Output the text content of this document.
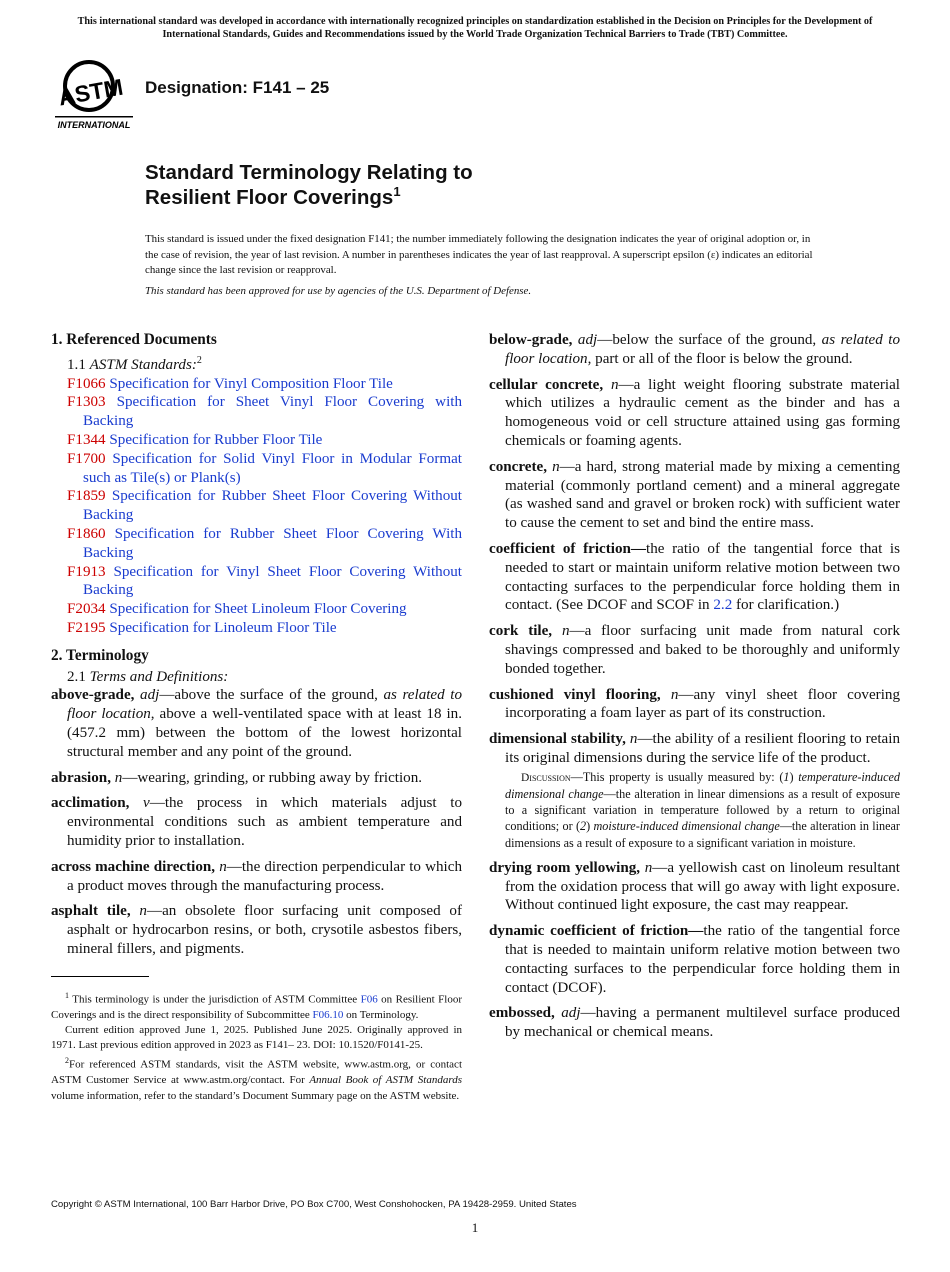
This international standard was developed in accordance with internationally recognized principles on standardization established in the Decision on Principles for the Development of International Standards, Guides and Recommendations issued by the World Trade Organization Technical Barriers to Trade (TBT) Committee.
ASTM
INTERNATIONAL
Designation: F141 – 25
Standard Terminology Relating to
Resilient Floor Coverings$^1$
This standard is issued under the fixed designation F141; the number immediately following the designation indicates the year of original adoption or, in the case of revision, the year of last revision. A number in parentheses indicates the year of last reapproval. A superscript epsilon (ε) indicates an editorial change since the last revision or reapproval.
This standard has been approved for use by agencies of the U.S. Department of Defense.
1. Referenced Documents
1.1 ASTM Standards:$^2$
F1066 Specification for Vinyl Composition Floor Tile
F1303 Specification for Sheet Vinyl Floor Covering with Backing
F1344 Specification for Rubber Floor Tile
F1700 Specification for Solid Vinyl Floor in Modular Format such as Tile(s) or Plank(s)
F1859 Specification for Rubber Sheet Floor Covering Without Backing
F1860 Specification for Rubber Sheet Floor Covering With Backing
F1913 Specification for Vinyl Sheet Floor Covering Without Backing
F2034 Specification for Sheet Linoleum Floor Covering
F2195 Specification for Linoleum Floor Tile
2. Terminology
2.1 Terms and Definitions:
above-grade, adj—above the surface of the ground, as related to floor location, above a well-ventilated space with at least 18 in. (457.2 mm) between the bottom of the lowest horizontal structural member and any point of the ground.
abrasion, n—wearing, grinding, or rubbing away by friction.
acclimation, v—the process in which materials adjust to environmental conditions such as ambient temperature and humidity prior to installation.
across machine direction, n—the direction perpendicular to which a product moves through the manufacturing process.
asphalt tile, n—an obsolete floor surfacing unit composed of asphalt or hydrocarbon resins, or both, crysotile asbestos fibers, mineral fillers, and pigments.

$^1$ This terminology is under the jurisdiction of ASTM Committee F06 on Resilient Floor Coverings and is the direct responsibility of Subcommittee F06.10 on Terminology.

Current edition approved June 1, 2025. Published June 2025. Originally approved in 1971. Last previous edition approved in 2023 as F141– 23. DOI: 10.1520/F0141-25.

$^2$For referenced ASTM standards, visit the ASTM website, www.astm.org, or contact ASTM Customer Service at www.astm.org/contact. For Annual Book of ASTM Standards volume information, refer to the standard’s Document Summary page on the ASTM website.

below-grade, adj—below the surface of the ground, as related to floor location, part or all of the floor is below the ground.
cellular concrete, n—a light weight flooring substrate material which utilizes a hydraulic cement as the binder and has a homogeneous void or cell structure attained using gas forming chemicals or foaming agents.
concrete, n—a hard, strong material made by mixing a cementing material (commonly portland cement) and a mineral aggregate (as washed sand and gravel or broken rock) with sufficient water to cause the cement to set and bind the entire mass.
coefficient of friction—the ratio of the tangential force that is needed to start or maintain uniform relative motion between two contacting surfaces to the perpendicular force holding them in contact. (See DCOF and SCOF in 2.2 for clarification.)
cork tile, n—a floor surfacing unit made from natural cork shavings compressed and baked to be thoroughly and uniformly bonded together.
cushioned vinyl flooring, n—any vinyl sheet floor covering incorporating a foam layer as part of its construction.
dimensional stability, n—the ability of a resilient flooring to retain its original dimensions during the service life of the product.
Discussion—This property is usually measured by: (1) temperature-induced dimensional change—the alteration in linear dimensions as a result of exposure to a significant variation in temperature followed by a return to original conditions; or (2) moisture-induced dimensional change—the alteration in linear dimensions as a result of exposure to a significant variation in moisture.
drying room yellowing, n—a yellowish cast on linoleum resultant from the oxidation process that will go away with light exposure. Without continued light exposure, the cast may reappear.
dynamic coefficient of friction—the ratio of the tangential force that is needed to maintain uniform relative motion between two contacting surfaces to the perpendicular force holding them in contact (DCOF).
embossed, adj—having a permanent multilevel surface produced by mechanical or chemical means.
Copyright © ASTM International, 100 Barr Harbor Drive, PO Box C700, West Conshohocken, PA 19428-2959. United States
1
